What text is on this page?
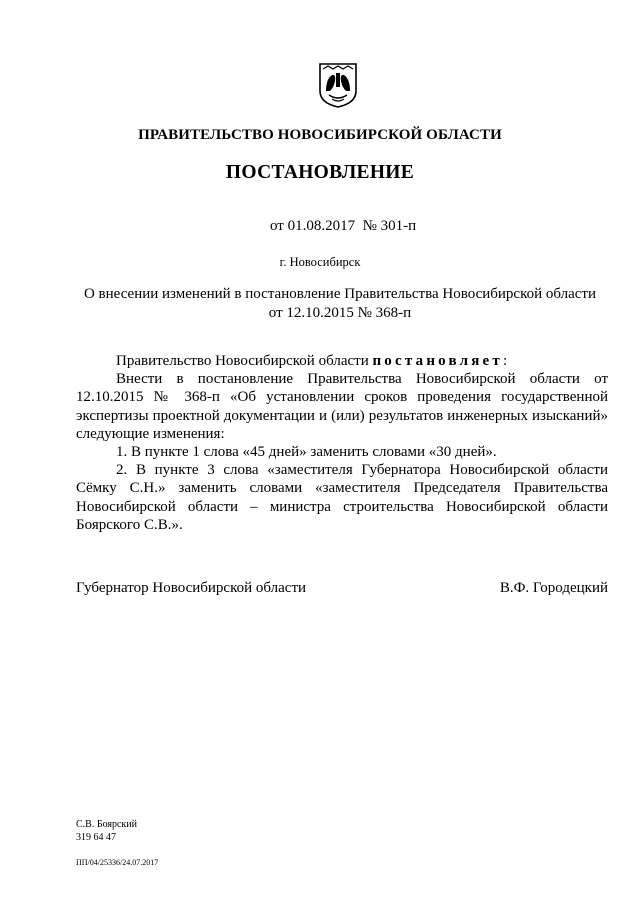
ПРАВИТЕЛЬСТВО НОВОСИБИРСКОЙ ОБЛАСТИ
ПОСТАНОВЛЕНИЕ
от 01.08.2017 № 301-п
г. Новосибирск
О внесении изменений в постановление Правительства Новосибирской области
от 12.10.2015 № 368-п

Правительство Новосибирской области постановляет:

Внести в постановление Правительства Новосибирской области от 12.10.2015 № 368-п «Об установлении сроков проведения государственной экспертизы проектной документации и (или) результатов инженерных изысканий» следующие изменения:

1. В пункте 1 слова «45 дней» заменить словами «30 дней».

2. В пункте 3 слова «заместителя Губернатора Новосибирской области Сёмку С.Н.» заменить словами «заместителя Председателя Правительства Новосибирской области – министра строительства Новосибирской области Боярского С.В.».

Губернатор Новосибирской области	В.Ф. Городецкий
С.В. Боярский
319 64 47
ПП/04/25336/24.07.2017
